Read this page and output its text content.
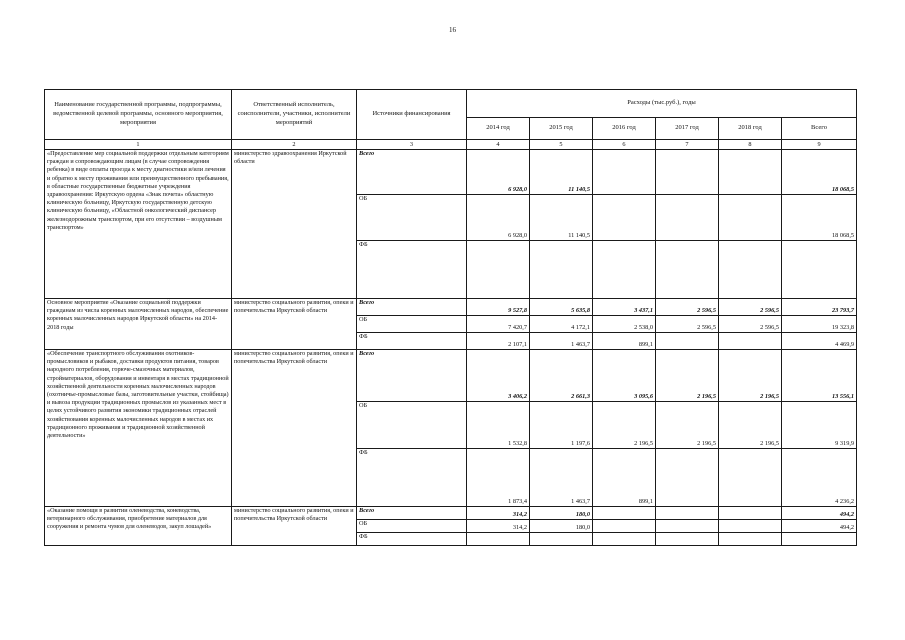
16
Наименование государственной программы, подпрограммы, ведомственной целевой программы, основного мероприятия, мероприятия	Ответственный исполнитель, соисполнители, участники, исполнители мероприятий	Источники финансирования	Расходы (тыс.руб.), годы					
			2014 год	2015 год	2016 год	2017 год	2018 год	Всего
1	2	3	4	5	6	7	8	9
«Предоставление мер социальной поддержки отдельным категориям граждан и сопровождающим лицам (в случае сопровождения ребенка) в виде оплаты проезда к месту диагностики и/или лечения и обратно к месту проживания или преимущественного пребывания, в областные государственные бюджетные учреждения здравоохранения: Иркутскую ордена «Знак почета» областную клиническую больницу, Иркутскую государственную детскую клиническую больницу, «Областной онкологический диспансер железнодорожным транспортом, при его отсутствии – воздушным транспортом»	министерство здравоохранения Иркутской области	Всего	6 928,0	11 140,5				18 068,5
		ОБ	6 928,0	11 140,5				18 068,5
		ФБ						
Основное мероприятие «Оказание социальной поддержки гражданам из числа коренных малочисленных народов, обеспечение коренных малочисленных народов Иркутской области» на 2014-2018 годы	министерство социального развития, опеки и попечительства Иркутской области	Всего	9 527,8	5 635,8	3 437,1	2 596,5	2 596,5	23 793,7
		ОБ	7 420,7	4 172,1	2 538,0	2 596,5	2 596,5	19 323,8
		ФБ	2 107,1	1 463,7	899,1			4 469,9
«Обеспечение транспортного обслуживания охотников-промысловиков и рыбаков, доставки продуктов питания, товаров народного потребления, горюче-смазочных материалов, стройматериалов, оборудования и инвентаря в местах традиционной хозяйственной деятельности коренных малочисленных народов (охотничье-промысловые базы, заготовительные участки, стойбища) и вывоза продукции традиционных промыслов из указанных мест в целях устойчивого развития экономики традиционных отраслей хозяйствования коренных малочисленных народов в местах их традиционного проживания и традиционной хозяйственной деятельности»	министерство социального развития, опеки и попечительства Иркутской области	Всего	3 406,2	2 661,3	3 095,6	2 196,5	2 196,5	13 556,1
		ОБ	1 532,8	1 197,6	2 196,5	2 196,5	2 196,5	9 319,9
		ФБ	1 873,4	1 463,7	899,1			4 236,2
«Оказание помощи в развитии оленеводства, коневодства, ветеринарного обслуживания, приобретение материалов для сооружения и ремонта чумов для оленеводов, закуп лошадей»	министерство социального развития, опеки и попечительства Иркутской области	Всего	314,2	180,0				494,2
		ОБ	314,2	180,0				494,2
		ФБ						
